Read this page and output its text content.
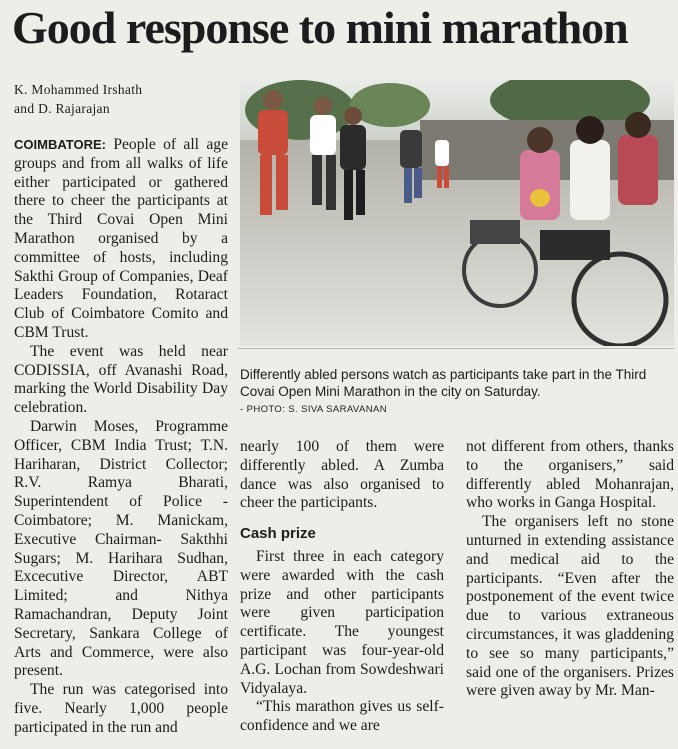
Good response to mini marathon
K. Mohammed Irshath
and D. Rajarajan
Differently abled persons watch as participants take part in the Third Covai Open Mini Marathon in the city on Saturday.
- PHOTO: S. SIVA SARAVANAN

COIMBATORE: People of all age groups and from all walks of life either participated or gathered there to cheer the participants at the Third Covai Open Mini Marathon organised by a committee of hosts, including Sakthi Group of Companies, Deaf Leaders Foundation, Rotaract Club of Coimbatore Comito and CBM Trust.

The event was held near CODISSIA, off Avanashi Road, marking the World Disability Day celebration.

Darwin Moses, Programme Officer, CBM India Trust; T.N. Hariharan, District Collector; R.V. Ramya Bharati, Superintendent of Police - Coimbatore; M. Manickam, Executive Chairman- Sakthhi Sugars; M. Harihara Sudhan, Excecutive Director, ABT Limited; and Nithya Ramachandran, Deputy Joint Secretary, Sankara College of Arts and Commerce, were also present.

The run was categorised into five. Nearly 1,000 people participated in the run and

nearly 100 of them were differently abled. A Zumba dance was also organised to cheer the participants.

Cash prize

First three in each category were awarded with the cash prize and other participants were given participation certificate. The youngest participant was four-year-old A.G. Lochan from Sowdeshwari Vidyalaya.

“This marathon gives us self-confidence and we are

not different from others, thanks to the organisers,” said differently abled Mohanrajan, who works in Ganga Hospital.

The organisers left no stone unturned in extending assistance and medical aid to the participants. “Even after the postponement of the event twice due to various extraneous circumstances, it was gladdening to see so many participants,” said one of the organisers. Prizes were given away by Mr. Man-
